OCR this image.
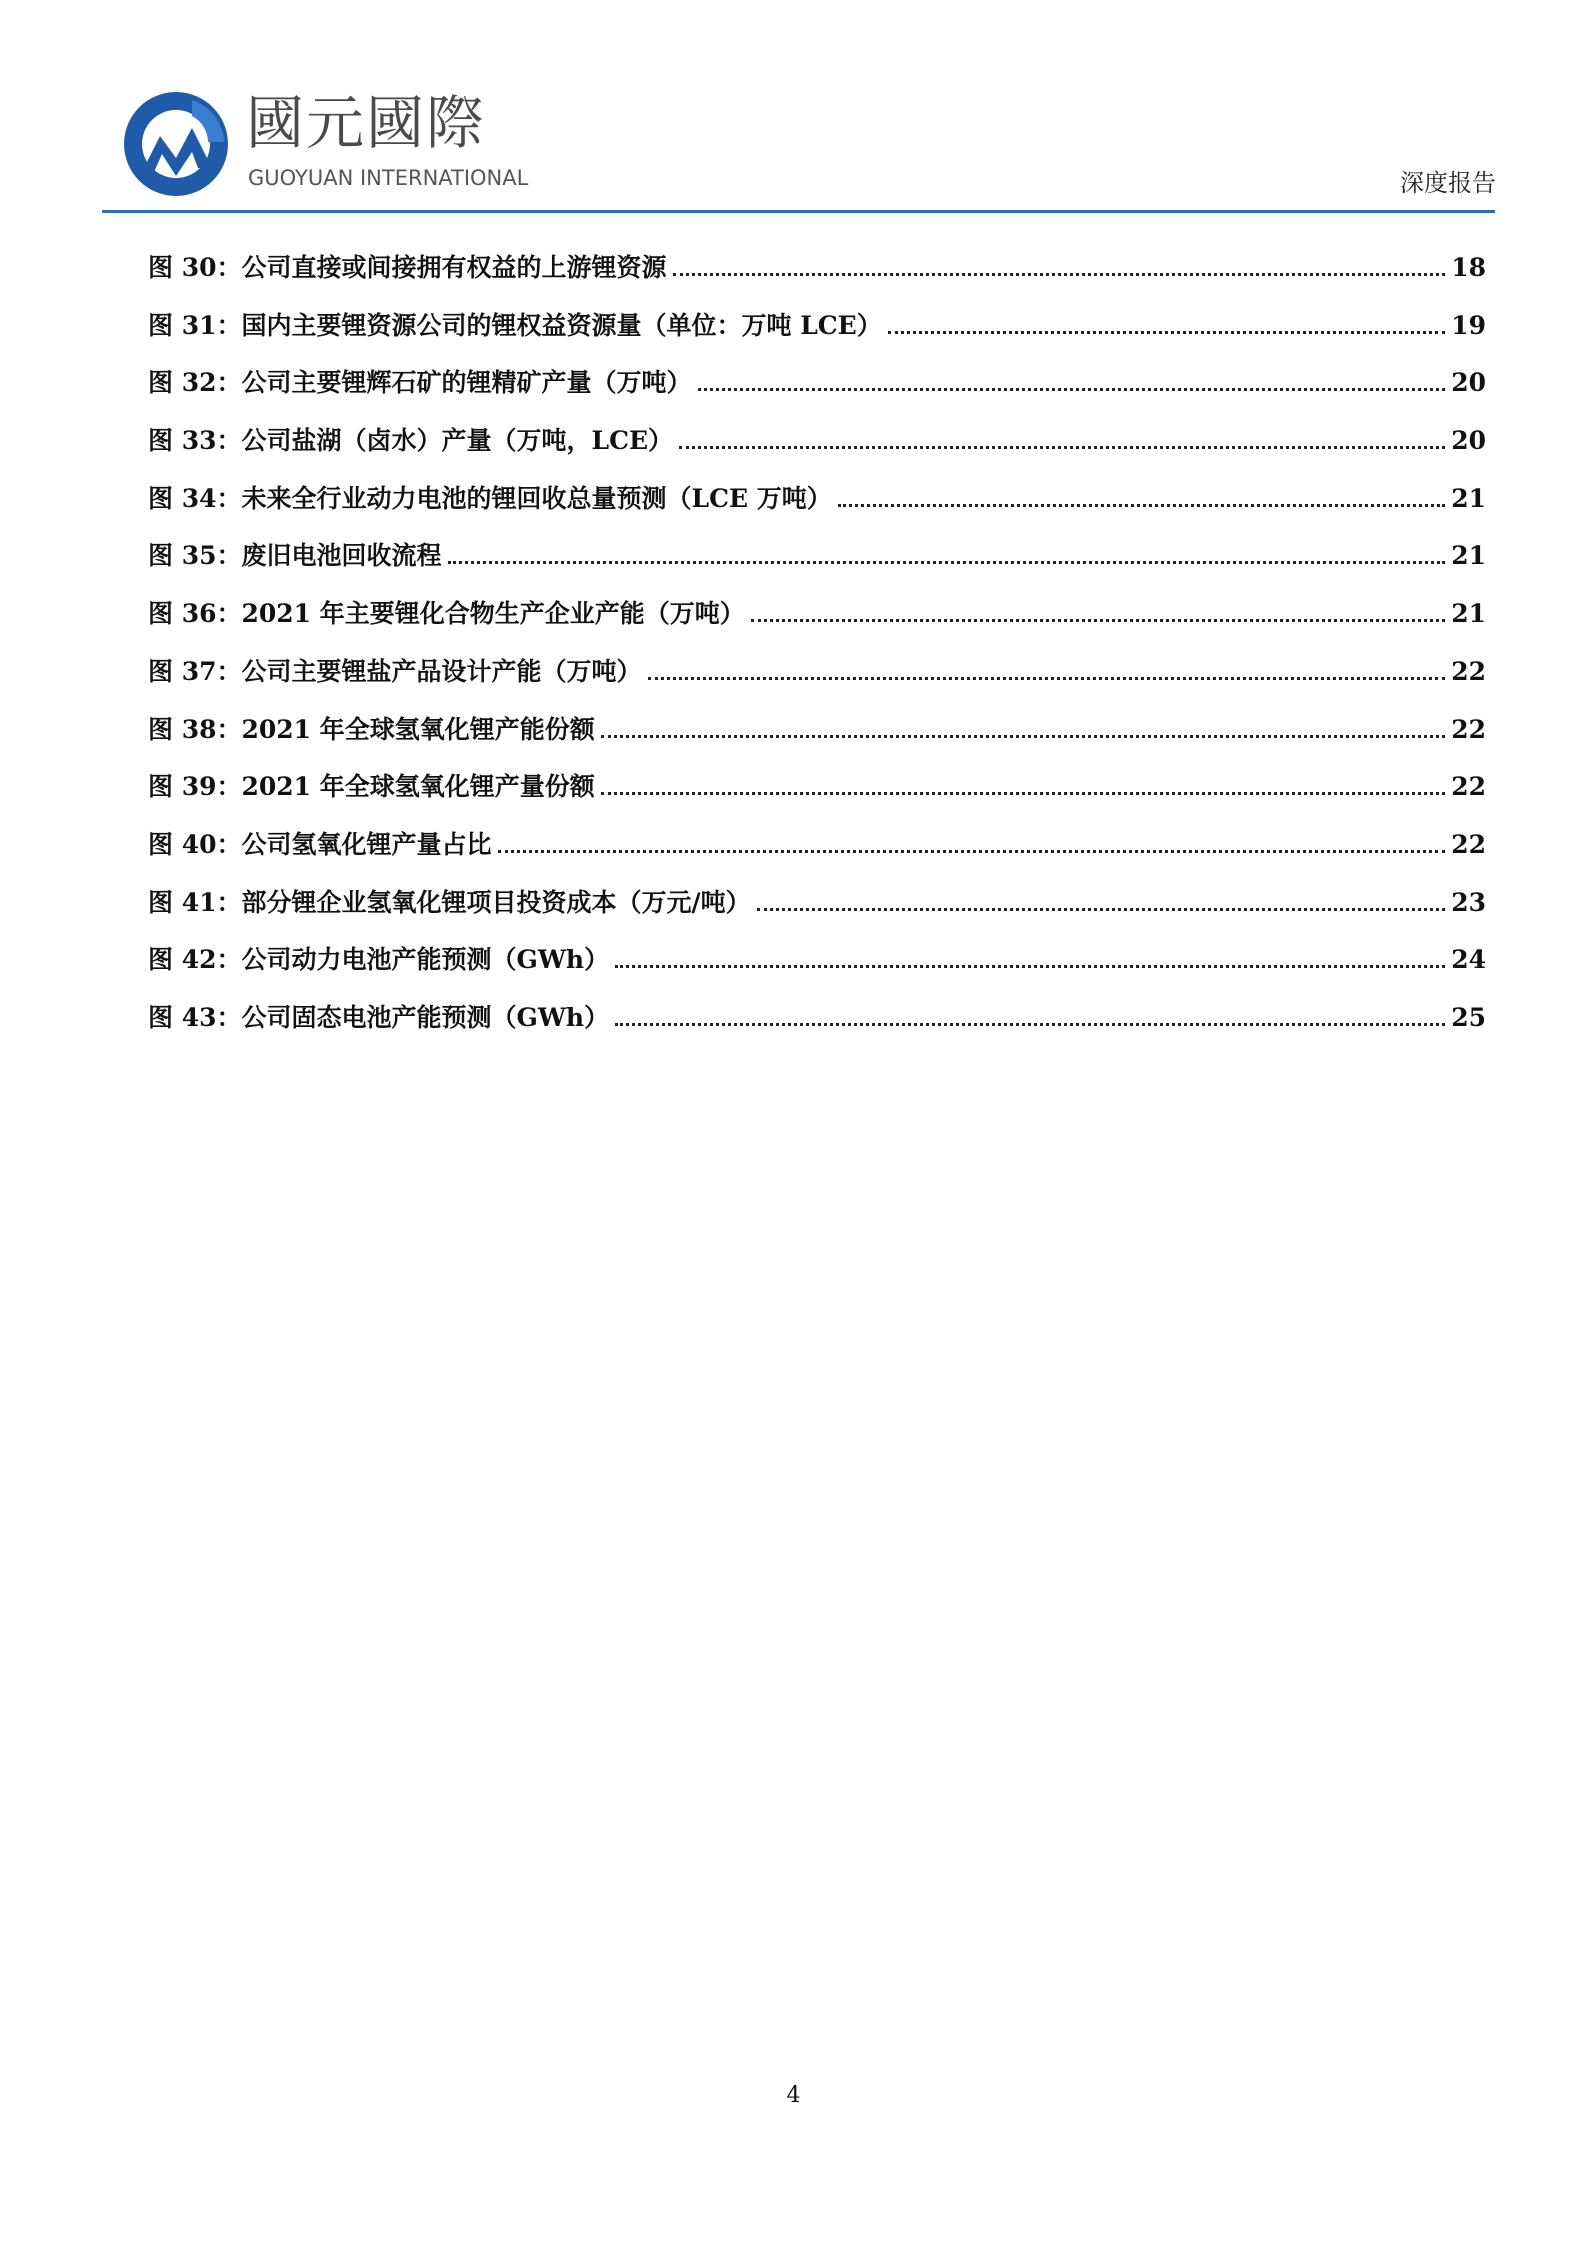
國元國際
GUOYUAN INTERNATIONAL	深度报告
图 30： 公司直接或间接拥有权益的上游锂资源	18
图 31： 国内主要锂资源公司的锂权益资源量（单位：万吨 LCE）	19
图 32： 公司主要锂辉石矿的锂精矿产量（万吨）	20
图 33： 公司盐湖（卤水）产量（万吨，LCE）	20
图 34： 未来全行业动力电池的锂回收总量预测（LCE 万吨）	21
图 35： 废旧电池回收流程	21
图 36： 2021 年主要锂化合物生产企业产能（万吨）	21
图 37： 公司主要锂盐产品设计产能（万吨）	22
图 38： 2021 年全球氢氧化锂产能份额	22
图 39： 2021 年全球氢氧化锂产量份额	22
图 40： 公司氢氧化锂产量占比	22
图 41： 部分锂企业氢氧化锂项目投资成本（万元/吨）	23
图 42： 公司动力电池产能预测（GWh）	24
图 43： 公司固态电池产能预测（GWh）	25
4
